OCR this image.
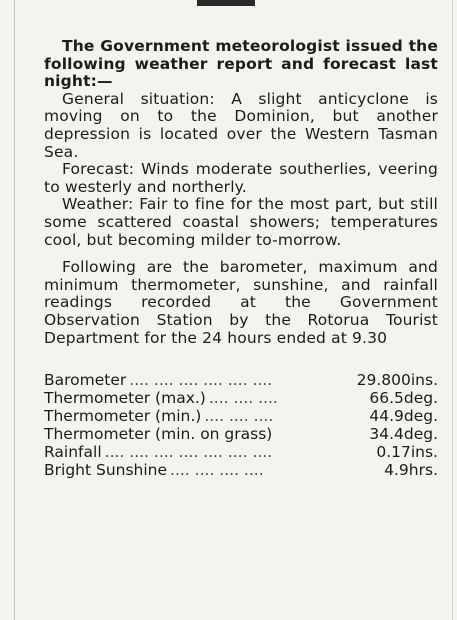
The Government meteorologist issued the following weather report and forecast last night:—

General situation: A slight anticyclone is moving on to the Dominion, but another depression is located over the Western Tasman Sea.

Forecast: Winds moderate southerlies, veering to westerly and northerly.

Weather: Fair to fine for the most part, but still some scattered coastal showers; temperatures cool, but becoming milder to-morrow.

Following are the barometer, maximum and minimum thermometer, sunshine, and rainfall readings recorded at the Government Observation Station by the Rotorua Tourist Department for the 24 hours ended at 9.30

Barometer .... .... .... .... .... ....	29.800ins.
Thermometer (max.) .... .... ....	66.5deg.
Thermometer (min.) .... .... ....	44.9deg.
Thermometer (min. on grass)	34.4deg.
Rainfall .... .... .... .... .... .... ....	0.17ins.
Bright Sunshine .... .... .... ....	4.9hrs.
